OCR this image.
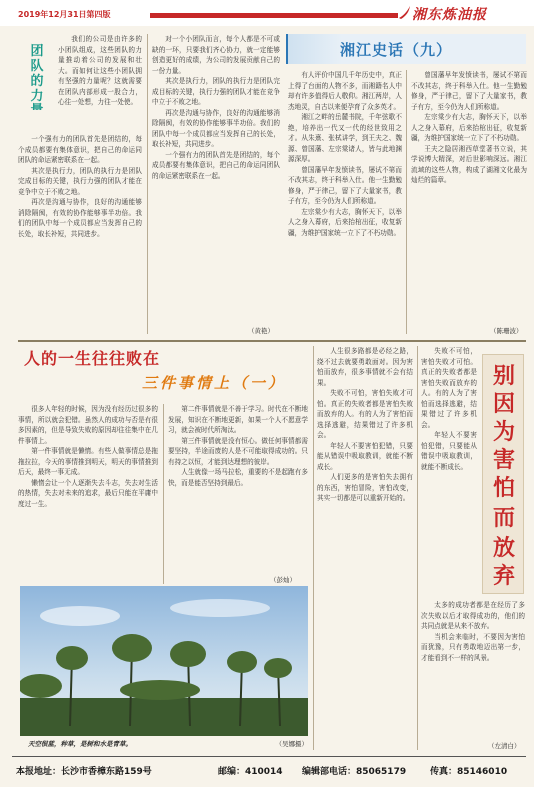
2019年12月31日第四版	湘东炼油报
团
队
的
力
量

我们的公司是由许多的小团队组成，这些团队的力量推动着公司的发展和壮大。而如何让这些小团队拥有坚强的力量呢？这就需要在团队内部形成一股合力，心往一处想，力往一处使。

一个强有力的团队首先是团结的，每个成员都要有集体意识，把自己的命运同团队的命运紧密联系在一起。

其次是执行力，团队的执行力是团队完成目标的关键，执行力强的团队才能在竞争中立于不败之地。

再次是沟通与协作，良好的沟通能够消除隔阂，有效的协作能够事半功倍。我们的团队中每一个成员都应当发挥自己的长处，取长补短，共同进步。

对一个小团队而言，每个人都是不可或缺的一环，只要我们齐心协力，就一定能够创造更好的成绩，为公司的发展贡献自己的一份力量。

其次是执行力，团队的执行力是团队完成目标的关键，执行力强的团队才能在竞争中立于不败之地。

再次是沟通与协作，良好的沟通能够消除隔阂，有效的协作能够事半功倍。我们的团队中每一个成员都应当发挥自己的长处，取长补短，共同进步。

一个强有力的团队首先是团结的，每个成员都要有集体意识，把自己的命运同团队的命运紧密联系在一起。

（黄艳）
湘江史话（九）

有人评价中国几千年历史中，真正上得了台面的人物不多，而湘籍名人中却有许多值得后人敬仰。湘江两岸，人杰地灵，自古以来便孕育了众多英才。

湘江之畔的岳麓书院，千年弦歌不绝，培养出一代又一代的经世致用之才。从朱熹、张栻讲学，到王夫之、魏源、曾国藩、左宗棠诸人，皆与此地渊源深厚。

曾国藩早年发愤读书，屡试不第而不改其志，终于科举入仕。他一生勤勉修身，严于律己，留下了大量家书，教子有方，至今仍为人们所称道。

左宗棠少有大志，胸怀天下，以举人之身入幕府，后来抬棺出征，收复新疆，为维护国家统一立下了不朽功勋。

曾国藩早年发愤读书，屡试不第而不改其志，终于科举入仕。他一生勤勉修身，严于律己，留下了大量家书，教子有方，至今仍为人们所称道。

左宗棠少有大志，胸怀天下，以举人之身入幕府，后来抬棺出征，收复新疆，为维护国家统一立下了不朽功勋。

王夫之隐居湘西草堂著书立说，其学说博大精深，对后世影响深远。湘江流域的这些人物，构成了湖湘文化最为灿烂的篇章。

（陈珊波）
人的一生往往败在
三件事情上（一）

很多人年轻的时候，因为没有经历过很多的事情，所以就会犯错。虽然人的成功与否是有很多因素的，但是导致失败的原因却往往集中在几件事情上。

第一件事情就是懒惰。有些人做事情总是拖拖拉拉，今天的事情推到明天，明天的事情推到后天，最终一事无成。

懒惰会让一个人逐渐失去斗志，失去对生活的热情，失去对未来的追求，最后只能在平庸中度过一生。

第二件事情就是不善于学习。时代在不断地发展，知识在不断地更新，如果一个人不愿意学习，就会被时代所淘汰。

第三件事情就是没有恒心。做任何事情都需要坚持，半途而废的人是不可能取得成功的。只有持之以恒，才能到达理想的彼岸。

人生就像一场马拉松，重要的不是起跑有多快，而是能否坚持到最后。

（彭灿）
天空很蓝，种草，是树和水是青草。	（吴娜摄）

人生很多路都是必经之路，绕不过去就要勇敢面对。因为害怕而放弃，很多事情就不会有结果。

失败不可怕，害怕失败才可怕。真正的失败者都是害怕失败而放弃的人。有的人为了害怕而选择逃避，结果错过了许多机会。

年轻人不要害怕犯错，只要能从错误中吸取教训，就能不断成长。

人们更多的是害怕失去拥有的东西，害怕冒险，害怕改变，其实一切都是可以重新开始的。

失败不可怕，害怕失败才可怕。真正的失败者都是害怕失败而放弃的人。有的人为了害怕而选择逃避，结果错过了许多机会。

年轻人不要害怕犯错，只要能从错误中吸取教训，就能不断成长。

别
因
为
害
怕
而
放
弃

太多的成功者都是在经历了多次失败以后才取得成功的，他们的共同点就是从来不放弃。

当机会来临时，不要因为害怕而犹豫，只有勇敢地迈出第一步，才能看到不一样的风景。

（左清白）
本报地址：长沙市香樟东路159号	邮编：410014 编辑部电话：85065179	传真：85146010
